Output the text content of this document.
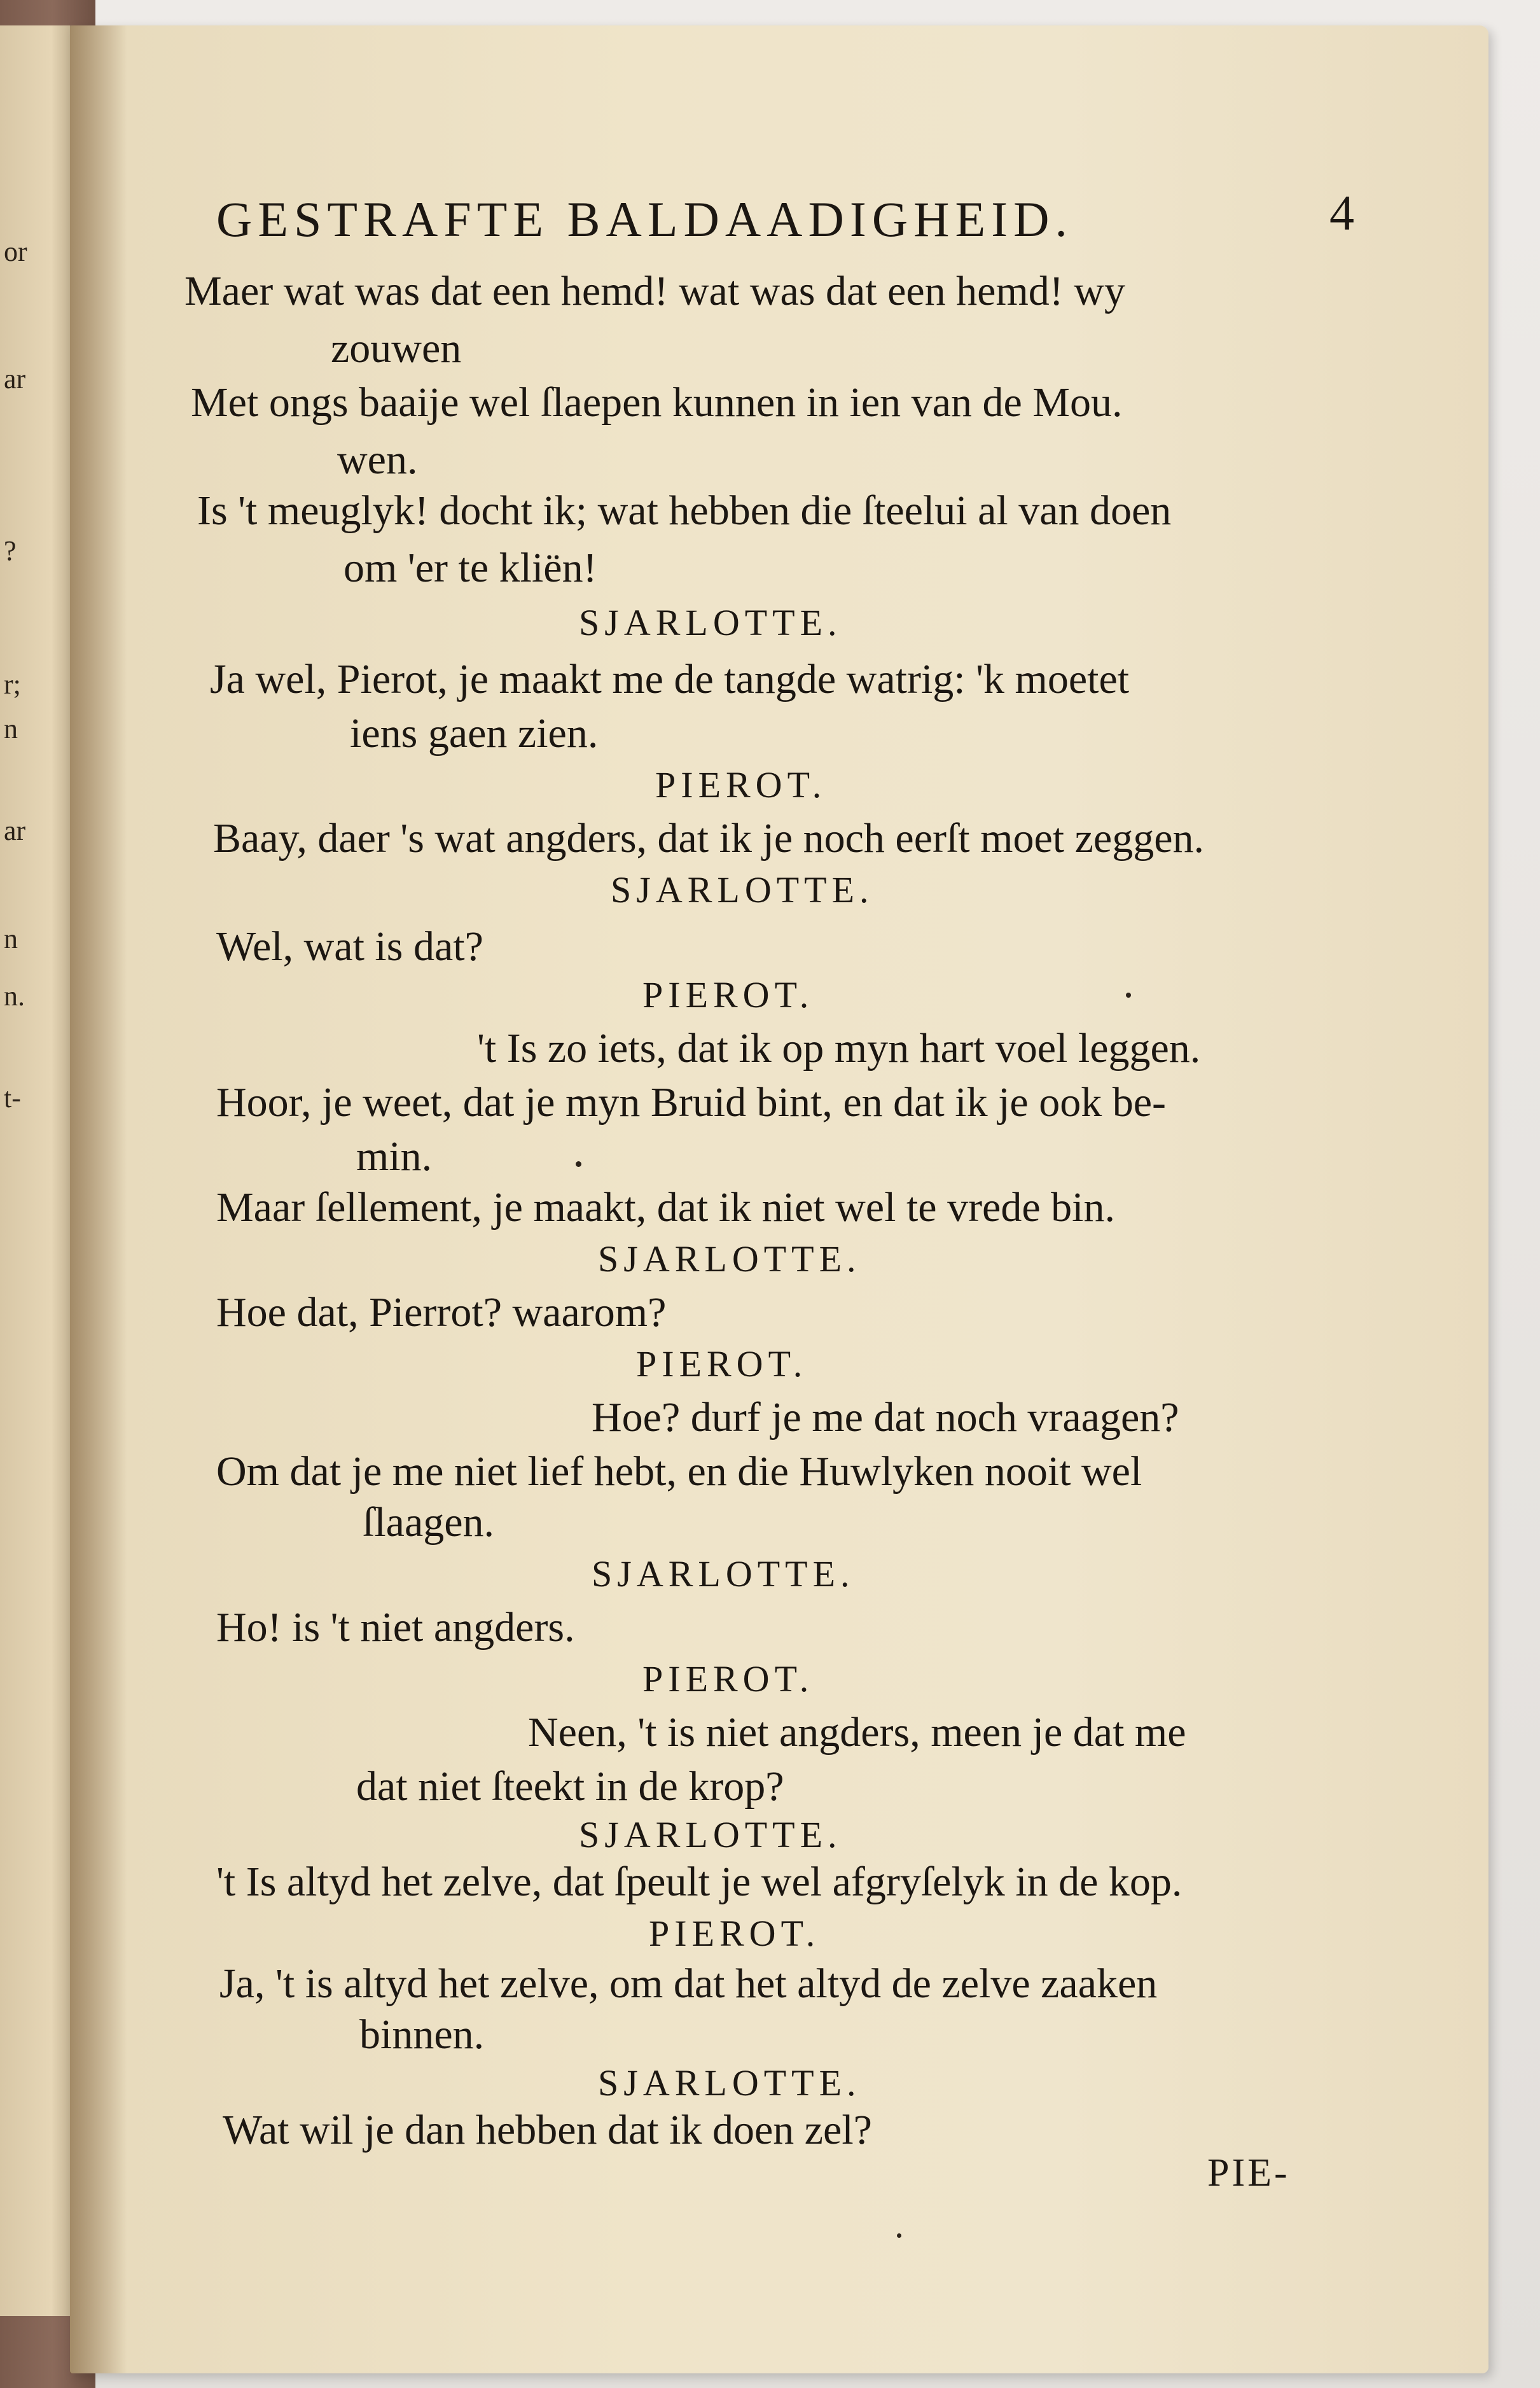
or
ar
?
r;
n
ar
n
n.
t-
GESTRAFTE BALDAADIGHEID.	4
Maer wat was dat een hemd! wat was dat een hemd! wy
zouwen
Met ongs baaije wel ſlaepen kunnen in ien van de Mou.
wen.
Is 't meuglyk! docht ik; wat hebben die ſteelui al van doen
om 'er te kliën!
SJARLOTTE.
Ja wel, Pierot, je maakt me de tangde watrig: 'k moetet
iens gaen zien.
PIEROT.
Baay, daer 's wat angders, dat ik je noch eerſt moet zeggen.
SJARLOTTE.
Wel, wat is dat?
PIEROT.
't Is zo iets, dat ik op myn hart voel leggen.
Hoor, je weet, dat je myn Bruid bint, en dat ik je ook be-
min.
Maar ſellement, je maakt, dat ik niet wel te vrede bin.
SJARLOTTE.
Hoe dat, Pierrot? waarom?
PIEROT.
Hoe? durf je me dat noch vraagen?
Om dat je me niet lief hebt, en die Huwlyken nooit wel
ſlaagen.
SJARLOTTE.
Ho! is 't niet angders.
PIEROT.
Neen, 't is niet angders, meen je dat me
dat niet ſteekt in de krop?
SJARLOTTE.
't Is altyd het zelve, dat ſpeult je wel afgryſelyk in de kop.
PIEROT.
Ja, 't is altyd het zelve, om dat het altyd de zelve zaaken
binnen.
SJARLOTTE.
Wat wil je dan hebben dat ik doen zel?
PIE-
